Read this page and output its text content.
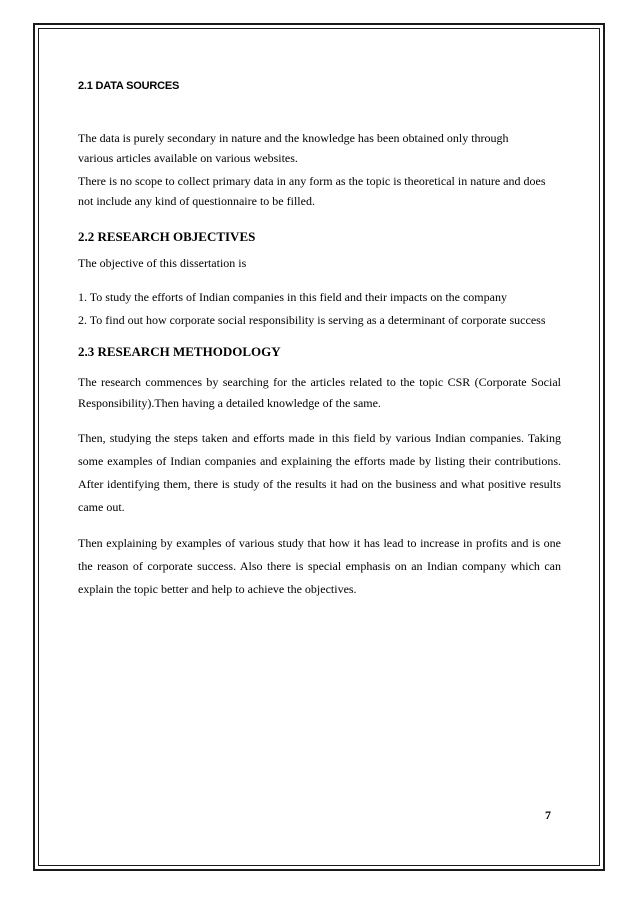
2.1 DATA SOURCES

The data is purely secondary in nature and the knowledge has been obtained only through various articles available on various websites.

There is no scope to collect primary data in any form as the topic is theoretical in nature and does not include any kind of questionnaire to be filled.

2.2 RESEARCH OBJECTIVES

The objective of this dissertation is

1. To study the efforts of Indian companies in this field and their impacts on the company

2. To find out how corporate social responsibility is serving as a determinant of corporate success

2.3 RESEARCH METHODOLOGY

The research commences by searching for the articles related to the topic CSR (Corporate Social Responsibility).Then having a detailed knowledge of the same.

Then, studying the steps taken and efforts made in this field by various Indian companies. Taking some examples of Indian companies and explaining the efforts made by listing their contributions. After identifying them, there is study of the results it had on the business and what positive results came out.

Then explaining by examples of various study that how it has lead to increase in profits and is one the reason of corporate success. Also there is special emphasis on an Indian company which can explain the topic better and help to achieve the objectives.

7
